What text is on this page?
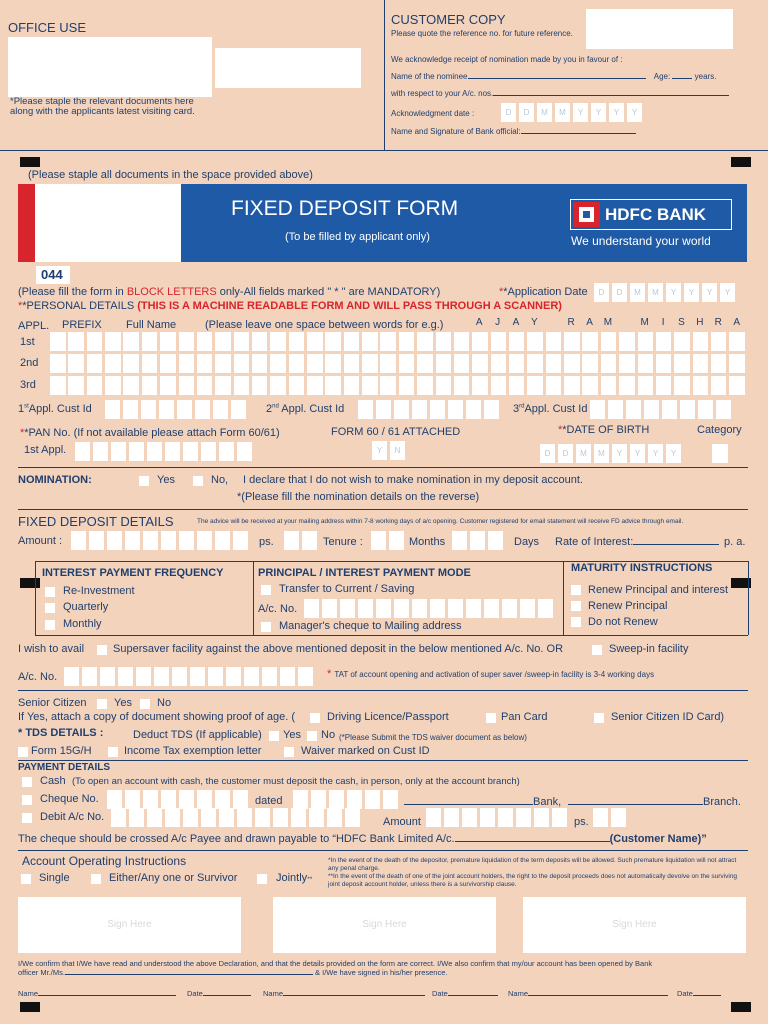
OFFICE USE
*Please staple the relevant documents here
along with the applicants latest visiting card.
CUSTOMER COPY
Please quote the reference no. for future reference.
We acknowledge receipt of nomination made by you in favour of :
Name of the nominee	Age:	years.
with respect to your A/c. nos.
Acknowledgment date :	D	D	M	M	Y	Y	Y	Y
Name and Signature of Bank official:
(Please staple all documents in the space provided above)
FIXED DEPOSIT FORM
(To be filled by applicant only)
HDFC BANK
We understand your world
044
(Please fill the form in BLOCK LETTERS only-All fields marked " * " are MANDATORY)	**Application Date	D	D	M	M	Y	Y	Y	Y
**PERSONAL DETAILS (THIS IS A MACHINE READABLE FORM AND WILL PASS THROUGH A SCANNER)
APPL. PREFIX Full Name	(Please leave one space between words for e.g.)	A	J	A	Y	R	A	M	M	I	S	H	R	A
1st
2nd
3rd
1stAppl. Cust Id	2nd Appl. Cust Id	3rdAppl. Cust Id
**PAN No. (If not available please attach Form 60/61)
1st Appl.
FORM 60 / 61 ATTACHED
Y	N
**DATE OF BIRTH
D	D	M	M	Y	Y	Y	Y
Category
NOMINATION:	Yes	No, I declare that I do not wish to make nomination in my deposit account.
*(Please fill the nomination details on the reverse)
FIXED DEPOSIT DETAILS	The advice will be received at your mailing address within 7-8 working days of a/c opening. Customer registered for email statement will receive FD advice through email.
Amount :	ps.	Tenure :	Months	Days Rate of Interest:	p. a.
INTEREST PAYMENT FREQUENCY
Re-Investment
Quarterly
Monthly
PRINCIPAL / INTEREST PAYMENT MODE
Transfer to Current / Saving
A/c. No.
Manager's cheque to Mailing address
MATURITY INSTRUCTIONS
Renew Principal and interest
Renew Principal
Do not Renew
I wish to avail	Supersaver facility against the above mentioned deposit in the below mentioned A/c. No. OR	Sweep-in facility
A/c. No.	* TAT of account opening and activation of super saver /sweep-in facility is 3-4 working days
Senior Citizen	Yes No
If Yes, attach a copy of document showing proof of age. (	Driving Licence/Passport	Pan Card	Senior Citizen ID Card)
* TDS DETAILS :	Deduct TDS (If applicable) Yes No (*Please Submit the TDS waiver document as below)
Form 15G/H	Income Tax exemption letter	Waiver marked on Cust ID
PAYMENT DETAILS
Cash (To open an account with cash, the customer must deposit the cash, in person, only at the account branch)
Cheque No.	dated	Bank,	Branch.
Debit A/c No.	Amount	ps.
The cheque should be crossed A/c Payee and drawn payable to “HDFC Bank Limited A/c.	(Customer Name)”
Account Operating Instructions
Single	Either/Any one or Survivor	Jointly**
*In the event of the death of the depositor, premature liquidation of the term deposits will be allowed. Such premature liquidation will not attract any penal charge.
**In the event of the death of one of the joint account holders, the right to the deposit proceeds does not automatically devolve on the surviving joint deposit account holder, unless there is a survivorship clause.
Sign Here	Sign Here	Sign Here
I/We confirm that I/We have read and understood the above Declaration, and that the details provided on the form are correct. I/We also confirm that my/our account has been opened by Bank
officer Mr./Ms.	& I/We have signed in his/her presence.
Name	Date	Name	Date	Name	Date
